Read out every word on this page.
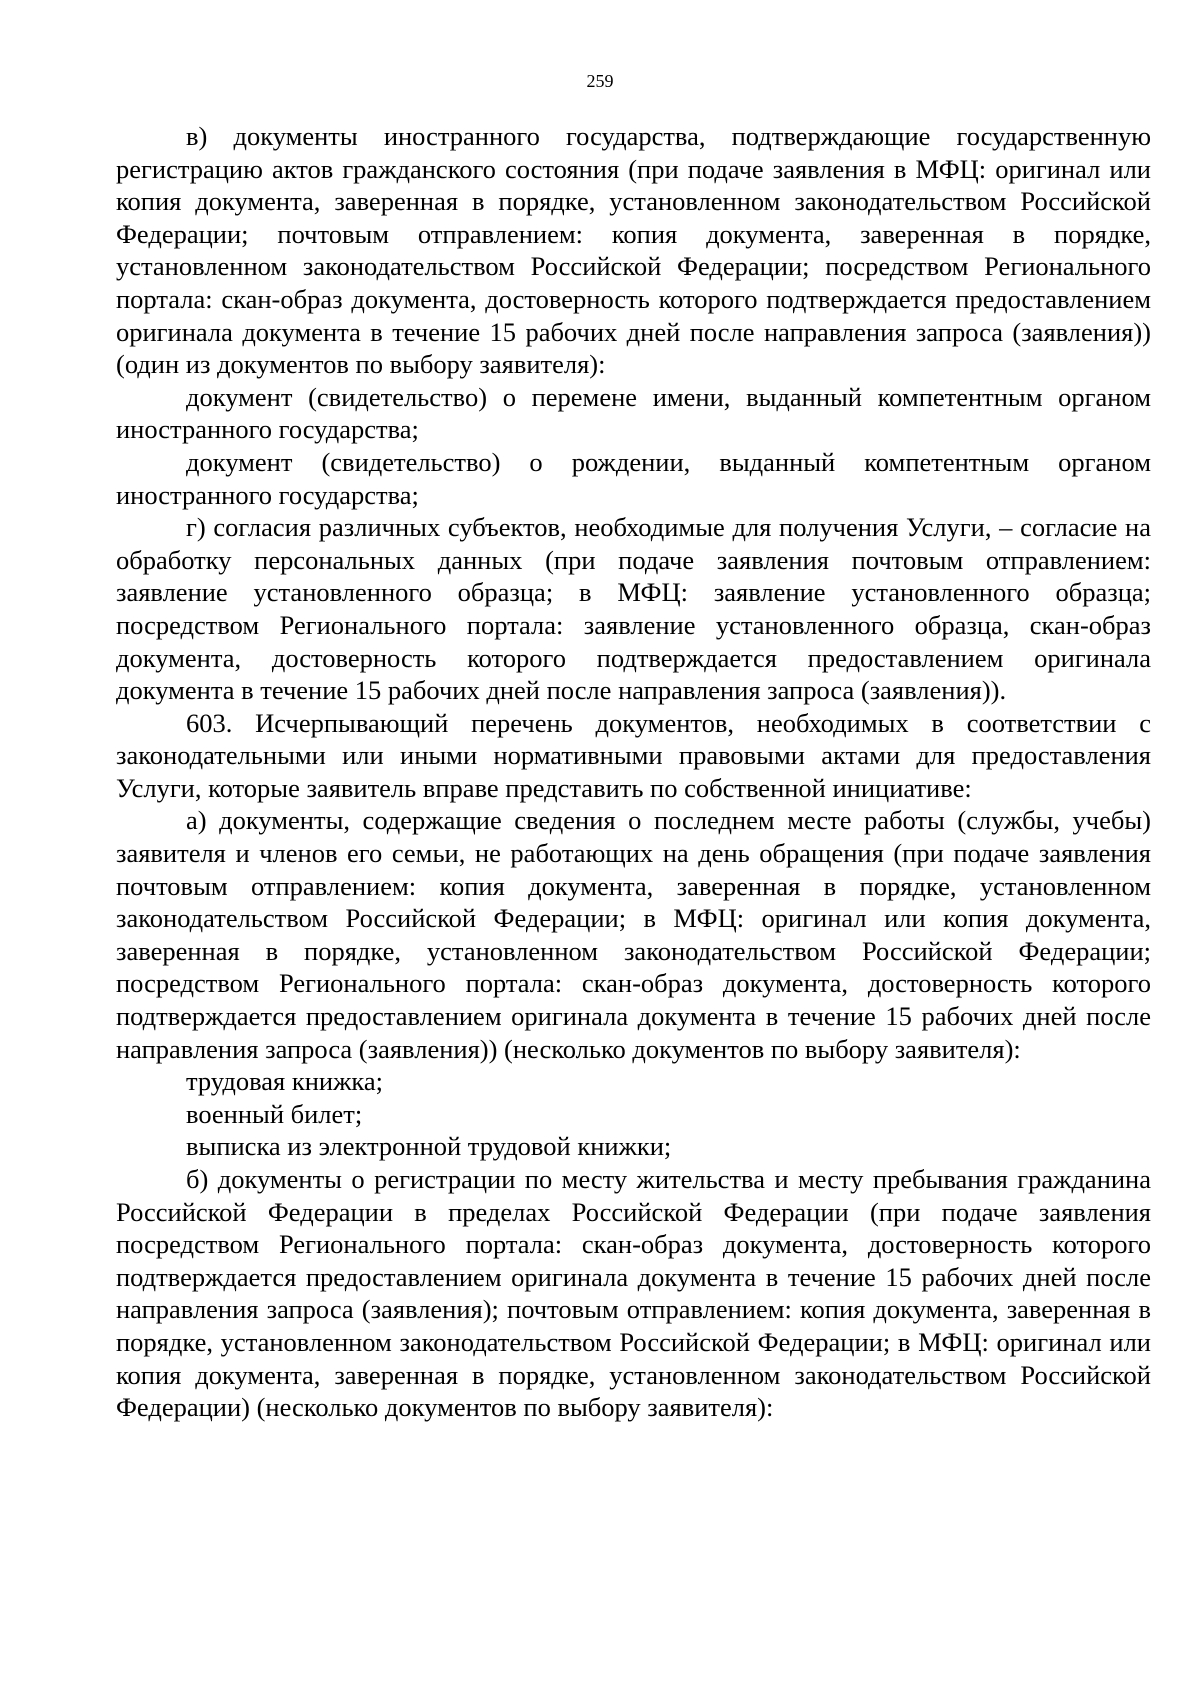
259

в) документы иностранного государства, подтверждающие государственную регистрацию актов гражданского состояния (при подаче заявления в МФЦ: оригинал или копия документа, заверенная в порядке, установленном законодательством Российской Федерации; почтовым отправлением: копия документа, заверенная в порядке, установленном законодательством Российской Федерации; посредством Регионального портала: скан-образ документа, достоверность которого подтверждается предоставлением оригинала документа в течение 15 рабочих дней после направления запроса (заявления)) (один из документов по выбору заявителя):

документ (свидетельство) о перемене имени, выданный компетентным органом иностранного государства;

документ (свидетельство) о рождении, выданный компетентным органом иностранного государства;

г) согласия различных субъектов, необходимые для получения Услуги, – согласие на обработку персональных данных (при подаче заявления почтовым отправлением: заявление установленного образца; в МФЦ: заявление установленного образца; посредством Регионального портала: заявление установленного образца, скан-образ документа, достоверность которого подтверждается предоставлением оригинала документа в течение 15 рабочих дней после направления запроса (заявления)).

603. Исчерпывающий перечень документов, необходимых в соответствии с законодательными или иными нормативными правовыми актами для предоставления Услуги, которые заявитель вправе представить по собственной инициативе:

а) документы, содержащие сведения о последнем месте работы (службы, учебы) заявителя и членов его семьи, не работающих на день обращения (при подаче заявления почтовым отправлением: копия документа, заверенная в порядке, установленном законодательством Российской Федерации; в МФЦ: оригинал или копия документа, заверенная в порядке, установленном законодательством Российской Федерации; посредством Регионального портала: скан-образ документа, достоверность которого подтверждается предоставлением оригинала документа в течение 15 рабочих дней после направления запроса (заявления)) (несколько документов по выбору заявителя):

трудовая книжка;

военный билет;

выписка из электронной трудовой книжки;

б) документы о регистрации по месту жительства и месту пребывания гражданина Российской Федерации в пределах Российской Федерации (при подаче заявления посредством Регионального портала: скан-образ документа, достоверность которого подтверждается предоставлением оригинала документа в течение 15 рабочих дней после направления запроса (заявления); почтовым отправлением: копия документа, заверенная в порядке, установленном законодательством Российской Федерации; в МФЦ: оригинал или копия документа, заверенная в порядке, установленном законодательством Российской Федерации) (несколько документов по выбору заявителя):
